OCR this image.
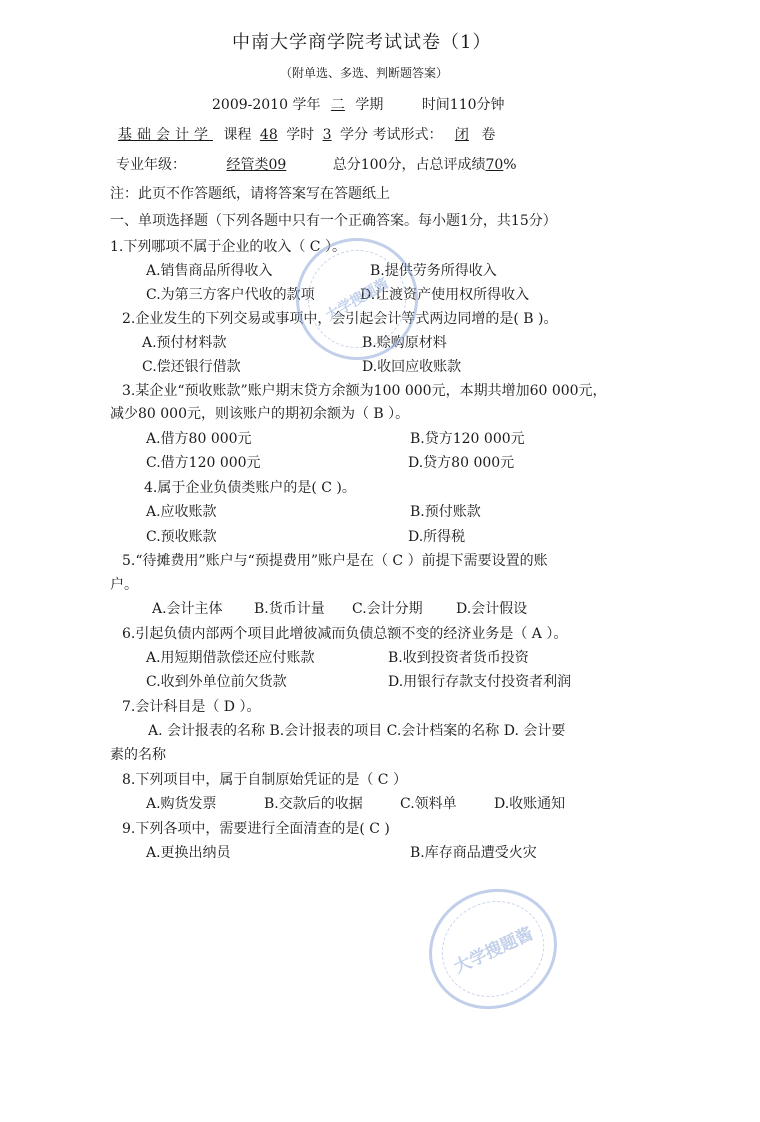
中南大学商学院考试试卷（1）
（附单选、多选、判断题答案）
2009-2010 学年 二 学期	时间110分钟
基础会计学 课程 48 学时 3 学分 考试形式： 闭 卷
专业年级：	经管类09	总分100分，占总评成绩70%
注：此页不作答题纸，请将答案写在答题纸上
一、单项选择题（下列各题中只有一个正确答案。每小题1分，共15分）
1.下列哪项不属于企业的收入（ C ）。
A.销售商品所得收入	B.提供劳务所得收入
C.为第三方客户代收的款项	D.让渡资产使用权所得收入
2.企业发生的下列交易或事项中，会引起会计等式两边同增的是( B )。
A.预付材料款	B.赊购原材料
C.偿还银行借款	D.收回应收账款
3.某企业“预收账款”账户期末贷方余额为100 000元，本期共增加60 000元，
减少80 000元，则该账户的期初余额为（ B ）。
A.借方80 000元	B.贷方120 000元
C.借方120 000元	D.贷方80 000元
4.属于企业负债类账户的是( C )。
A.应收账款	B.预付账款
C.预收账款	D.所得税
5.“待摊费用”账户与“预提费用”账户是在（ C ）前提下需要设置的账
户。
A.会计主体 B.货币计量 C.会计分期 D.会计假设
6.引起负债内部两个项目此增彼减而负债总额不变的经济业务是（ A ）。
A.用短期借款偿还应付账款	B.收到投资者货币投资
C.收到外单位前欠货款	D.用银行存款支付投资者利润
7.会计科目是（ D ）。
A. 会计报表的名称 B.会计报表的项目 C.会计档案的名称 D. 会计要
素的名称
8.下列项目中，属于自制原始凭证的是（ C ）
A.购货发票	B.交款后的收据	C.领料单	D.收账通知
9.下列各项中，需要进行全面清查的是( C )
A.更换出纳员	B.库存商品遭受火灾
大学搜题酱
大学搜题酱
